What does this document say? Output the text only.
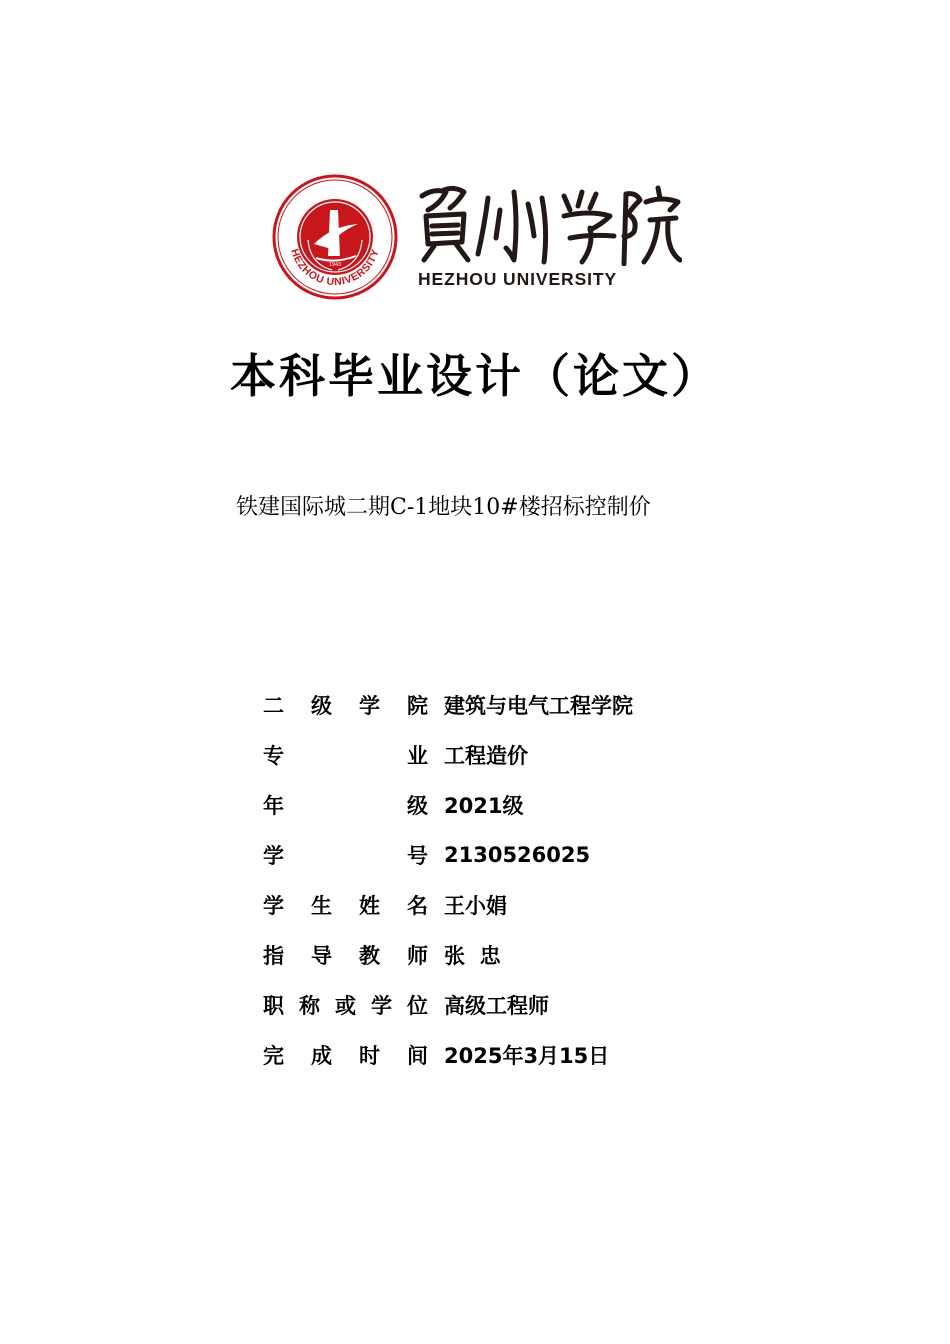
HEZHOU UNIVERSITY
1943
HEZHOU UNIVERSITY
本科毕业设计（论文）
铁建国际城二期C-1地块10#楼招标控制价
二 级 学 院 建筑与电气工程学院
专	业 工程造价
年	级 2021级
学	号 2130526025
学 生 姓 名 王小娟
指 导 教 师 张  忠
职 称 或 学 位 高级工程师
完 成 时 间 2025年3月15日
